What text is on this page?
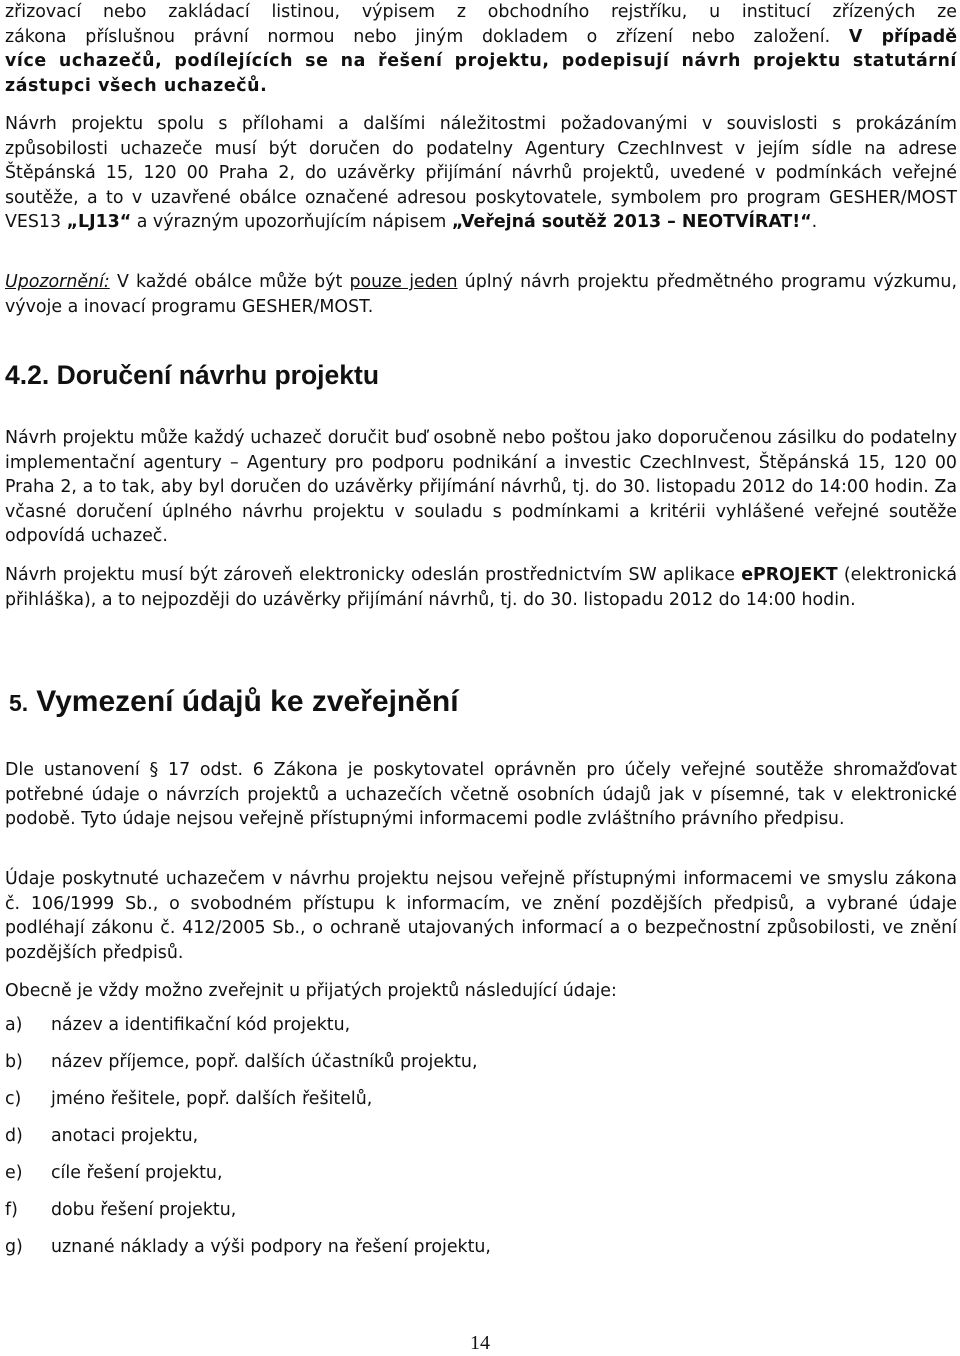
zřizovací nebo zakládací listinou, výpisem z obchodního rejstříku, u institucí zřízených ze

zákona příslušnou právní normou nebo jiným dokladem o zřízení nebo založení. V případě

více uchazečů, podílejících se na řešení projektu, podepisují návrh projektu statutární zástupci všech uchazečů.

Návrh projektu spolu s přílohami a dalšími náležitostmi požadovanými v souvislosti s prokázáním způsobilosti uchazeče musí být doručen do podatelny Agentury CzechInvest v jejím sídle na adrese Štěpánská 15, 120 00 Praha 2, do uzávěrky přijímání návrhů projektů, uvedené v podmínkách veřejné soutěže, a to v uzavřené obálce označené adresou poskytovatele, symbolem pro program GESHER/MOST VES13 „LJ13“ a výrazným upozorňujícím nápisem „Veřejná soutěž 2013 – NEOTVÍRAT!“.

Upozornění: V každé obálce může být pouze jeden úplný návrh projektu předmětného programu výzkumu, vývoje a inovací programu GESHER/MOST.

4.2. Doručení návrhu projektu

Návrh projektu může každý uchazeč doručit buď osobně nebo poštou jako doporučenou zásilku do podatelny implementační agentury – Agentury pro podporu podnikání a investic CzechInvest, Štěpánská 15, 120 00 Praha 2, a to tak, aby byl doručen do uzávěrky přijímání návrhů, tj. do 30. listopadu 2012 do 14:00 hodin. Za včasné doručení úplného návrhu projektu v souladu s podmínkami a kritérii vyhlášené veřejné soutěže odpovídá uchazeč.

Návrh projektu musí být zároveň elektronicky odeslán prostřednictvím SW aplikace ePROJEKT (elektronická přihláška), a to nejpozději do uzávěrky přijímání návrhů, tj. do 30. listopadu 2012 do 14:00 hodin.

5. Vymezení údajů ke zveřejnění

Dle ustanovení § 17 odst. 6 Zákona je poskytovatel oprávněn pro účely veřejné soutěže shromažďovat potřebné údaje o návrzích projektů a uchazečích včetně osobních údajů jak v písemné, tak v elektronické podobě. Tyto údaje nejsou veřejně přístupnými informacemi podle zvláštního právního předpisu.

Údaje poskytnuté uchazečem v návrhu projektu nejsou veřejně přístupnými informacemi ve smyslu zákona č. 106/1999 Sb., o svobodném přístupu k informacím, ve znění pozdějších předpisů, a vybrané údaje podléhají zákonu č. 412/2005 Sb., o ochraně utajovaných informací a o bezpečnostní způsobilosti, ve znění pozdějších předpisů.

Obecně je vždy možno zveřejnit u přijatých projektů následující údaje:

a)	název a identifikační kód projektu,
b)	název příjemce, popř. dalších účastníků projektu,
c)	jméno řešitele, popř. dalších řešitelů,
d)	anotaci projektu,
e)	cíle řešení projektu,
f)	dobu řešení projektu,
g)	uznané náklady a výši podpory na řešení projektu,
14
